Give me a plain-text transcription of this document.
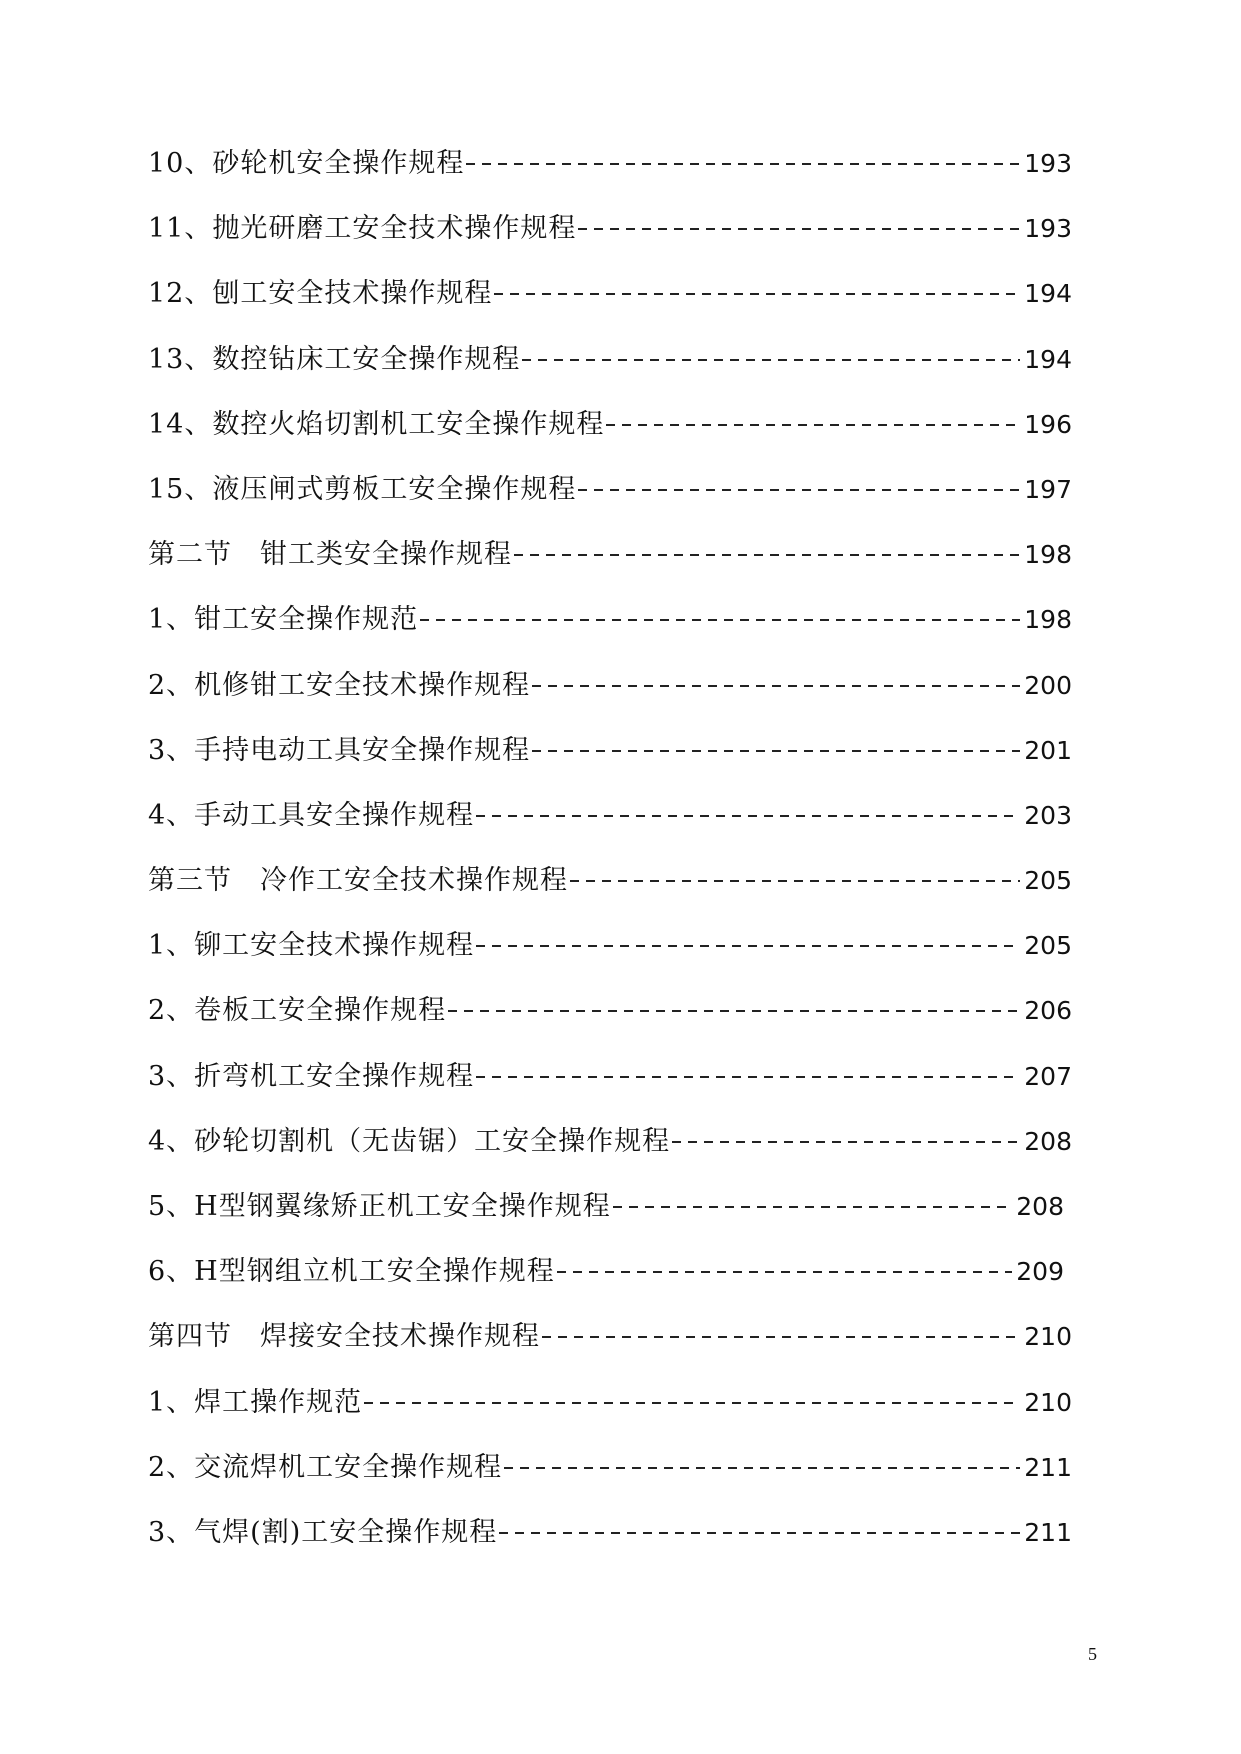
10、砂轮机安全操作规程	193
11、抛光研磨工安全技术操作规程	193
12、刨工安全技术操作规程	194
13、数控钻床工安全操作规程	194
14、数控火焰切割机工安全操作规程	196
15、液压闸式剪板工安全操作规程	197
第二节　钳工类安全操作规程	198
1、钳工安全操作规范	198
2、机修钳工安全技术操作规程	200
3、手持电动工具安全操作规程	201
4、手动工具安全操作规程	203
第三节　冷作工安全技术操作规程	205
1、铆工安全技术操作规程	205
2、卷板工安全操作规程	206
3、折弯机工安全操作规程	207
4、砂轮切割机（无齿锯）工安全操作规程	208
5、H型钢翼缘矫正机工安全操作规程	208
6、H型钢组立机工安全操作规程	209
第四节　焊接安全技术操作规程	210
1、焊工操作规范	210
2、交流焊机工安全操作规程	211
3、气焊(割)工安全操作规程	211
5
